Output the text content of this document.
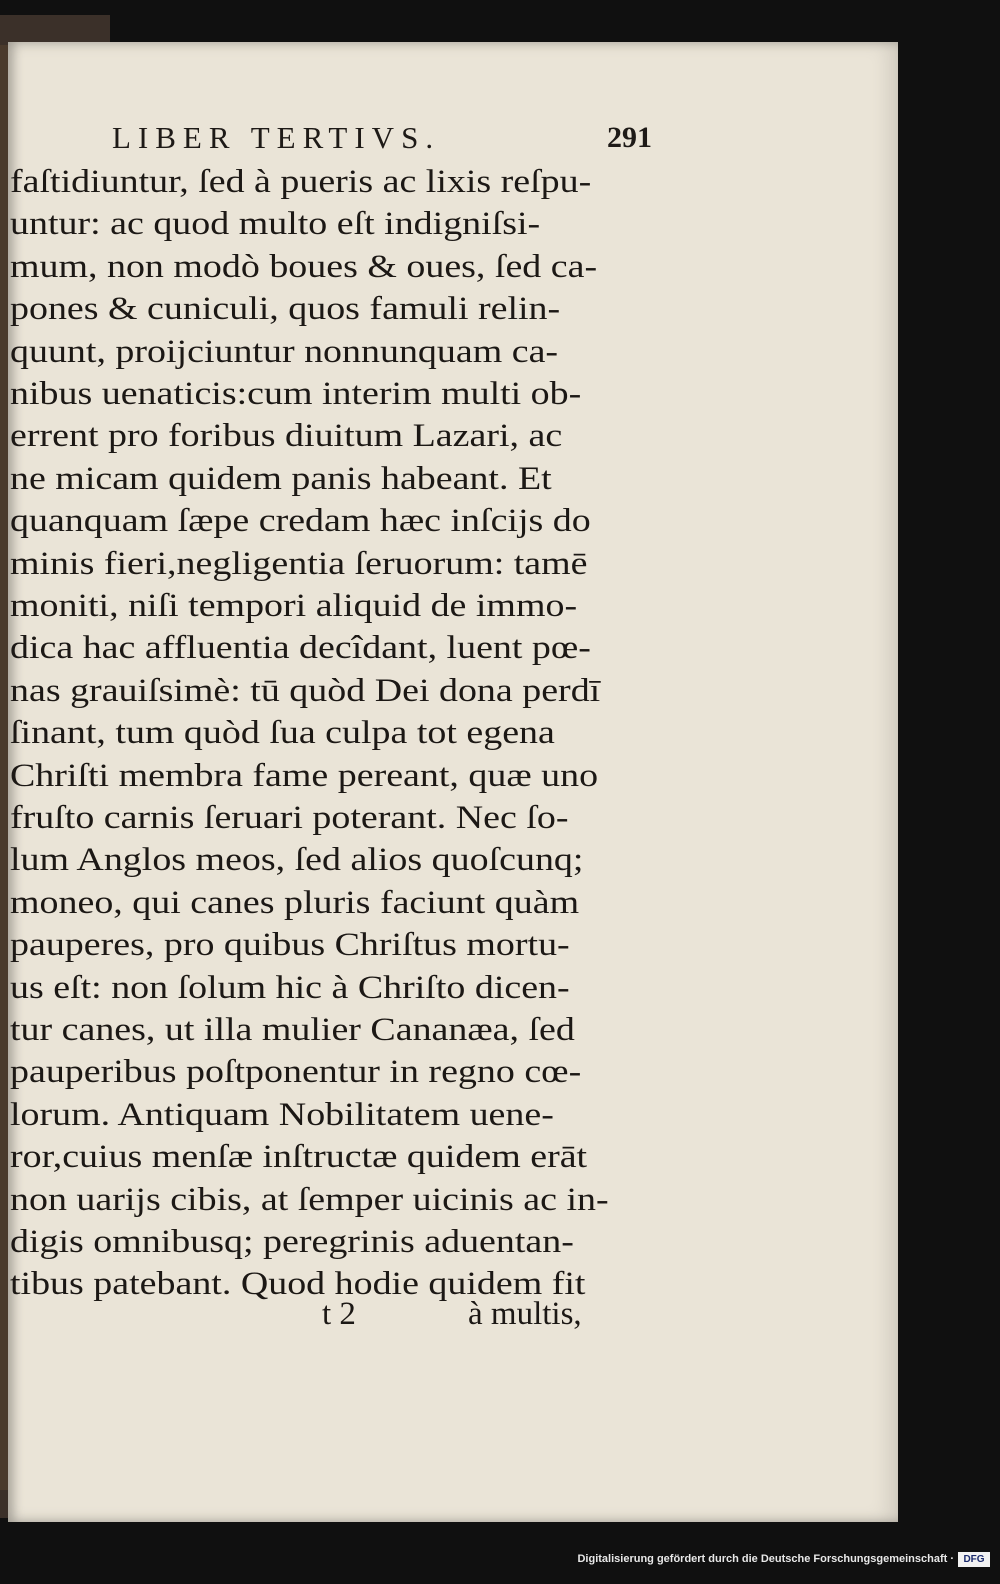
LIBER TERTIVS.	291
faſtidiuntur, ſed à pueris ac lixis reſpu-
untur: ac quod multo eſt indigniſsi-
mum, non modò boues & oues, ſed ca-
pones & cuniculi, quos famuli relin-
quunt, proijciuntur nonnunquam ca-
nibus uenaticis:cum interim multi ob-
errent pro foribus diuitum Lazari, ac
ne micam quidem panis habeant. Et
quanquam ſæpe credam hæc inſcijs do
minis fieri,negligentia ſeruorum: tamē
moniti, niſi tempori aliquid de immo-
dica hac affluentia decîdant, luent pœ-
nas grauiſsimè: tū quòd Dei dona perdī
ſinant, tum quòd ſua culpa tot egena
Chriſti membra fame pereant, quæ uno
fruſto carnis ſeruari poterant. Nec ſo-
lum Anglos meos, ſed alios quoſcunq;
moneo, qui canes pluris faciunt quàm
pauperes, pro quibus Chriſtus mortu-
us eſt: non ſolum hic à Chriſto dicen-
tur canes, ut illa mulier Cananæa, ſed
pauperibus poſtponentur in regno cœ-
lorum. Antiquam Nobilitatem uene-
ror,cuius menſæ inſtructæ quidem erāt
non uarijs cibis, at ſemper uicinis ac in-
digis omnibusq; peregrinis aduentan-
tibus patebant. Quod hodie quidem fit
t 2	à multis,
Digitalisierung gefördert durch die Deutsche Forschungsgemeinschaft · DFG
